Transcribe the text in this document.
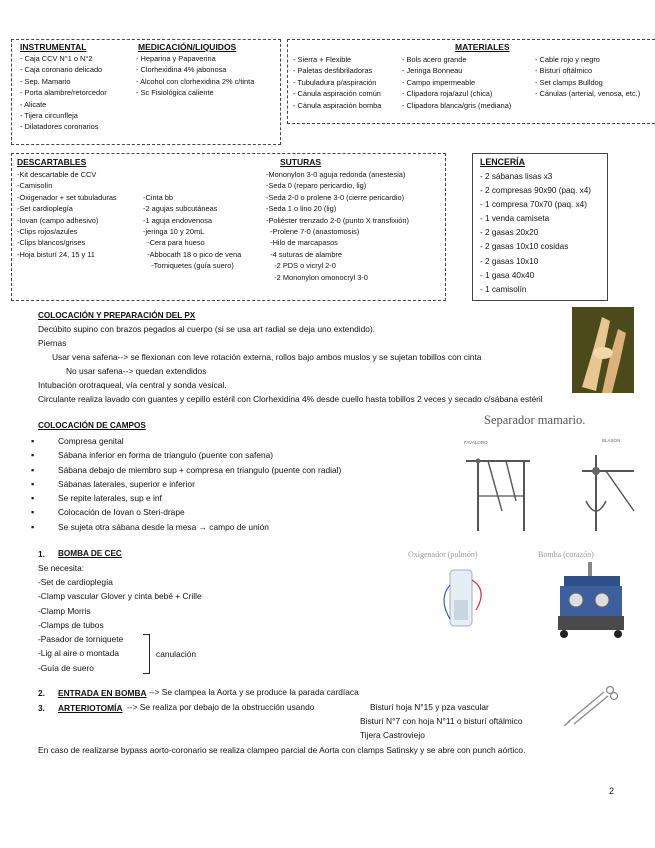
INSTRUMENTAL
- Caja CCV N°1 o N°2
- Caja coronario delicado
- Sep. Mamario
- Porta alambre/retorcedor
- Alicate
- Tijera circunfleja
- Dilatadores coronarios
MEDICACIÓN/LIQUIDOS
- Heparina y Papaverina
- Clorhexidina 4% jabonosa
- Alcohol con clorhexidina 2% c/tinta
- Sc Fisiológica caliente
MATERIALES
- Sierra + Flexible
- Paletas desfibriladoras
- Tubuladura p/aspiración
- Cánula aspiración común
- Cánula aspiración bomba
- Bols acero grande
- Jeringa Bonneau
- Campo impermeable
- Clipadora roja/azul (chica)
- Clipadora blanca/gris (mediana)
- Cable rojo y negro
- Bisturí oftálmico
- Set clamps Bulldog
- Cánulas (arterial, venosa, etc.)
DESCARTABLES
-Kit descartable de CCV
-Camisolín
-Oxigenador + set tubuladuras
-Set cardioplegía
-Iovan (campo adhesivo)
-Clips rojos/azules
-Clips blancos/grises
-Hoja bisturí 24, 15 y 11

-Cinta bb
-2 agujas subcutáneas
-1 aguja endovenosa
-jeringa 10 y 20mL
-Cera para hueso
-Abbocath 18 o pico de vena
-Torniquetes (guía suero)

SUTURAS
-Mononylon 3-0 aguja redonda (anestesia)
-Seda 0 (reparo pericardio, lig)
-Seda 2-0 o prolene 3-0 (cierre pericardio)
-Seda 1 o lino 20 (lig)
-Poliéster trenzado 2-0 (punto X transfixión)
-Prolene 7-0 (anastomosis)
-Hilo de marcapasos
-4 suturas de alambre
-2 PDS o vicryl 2-0
-2 Mononylon omonocryl 3-0
LENCERÍA
- 2 sábanas lisas x3
- 2 compresas 90x90 (paq. x4)
- 1 compresa 70x70 (paq. x4)
- 1 venda camiseta
- 2 gasas 20x20
- 2 gasas 10x10 cosidas
- 2 gasas 10x10
- 1 gasa 40x40
- 1 camisolín
COLOCACIÓN Y PREPARACIÓN DEL PX
Decúbito supino con brazos pegados al cuerpo (si se usa art radial se deja uno extendido).
Piernas
Usar vena safena--> se flexionan con leve rotación externa, rollos bajo ambos muslos y se sujetan tobillos con cinta
No usar safena--> quedan extendidos
Intubación orotraqueal, vía central y sonda vesical.
Circulante realiza lavado con guantes y cepillo estéril con Clorhexidina 4% desde cuello hasta tobillos 2 veces y secado c/sábana estéril
COLOCACIÓN DE CAMPOS
▪ Compresa genital
▪ Sábana inferior en forma de triangulo (puente con safena)
▪ Sábana debajo de miembro sup + compresa en triangulo (puente con radial)
▪ Sábanas laterales, superior e inferior
▪ Se repite laterales, sup e inf
▪ Colocación de Iovan o Steri-drape
▪ Se sujeta otra sábana desde la mesa → campo de unión
Separador mamario.
FAVALORO	BLASON
1. BOMBA DE CEC
Se necesita:
-Set de cardioplegía
-Clamp vascular Glover y cinta bebé + Crille
-Clamp Morris
-Clamps de tubos
-Pasador de torniquete
-Lig al aire o montada
-Guía de suero
canulación
Oxigenador (pulmón)	Bomba (corazón)
2. ENTRADA EN BOMBA --> Se clampea la Aorta y se produce la parada cardíaca
3. ARTERIOTOMÍA --> Se realiza por debajo de la obstrucción usando	Bisturí hoja N°15 y pza vascular
Bisturí N°7 con hoja N°11 o bisturí oftálmico
Tijera Castroviejo
En caso de realizarse bypass aorto-coronario se realiza clampeo parcial de Aorta con clamps Satinsky y se abre con punch aórtico.
2
